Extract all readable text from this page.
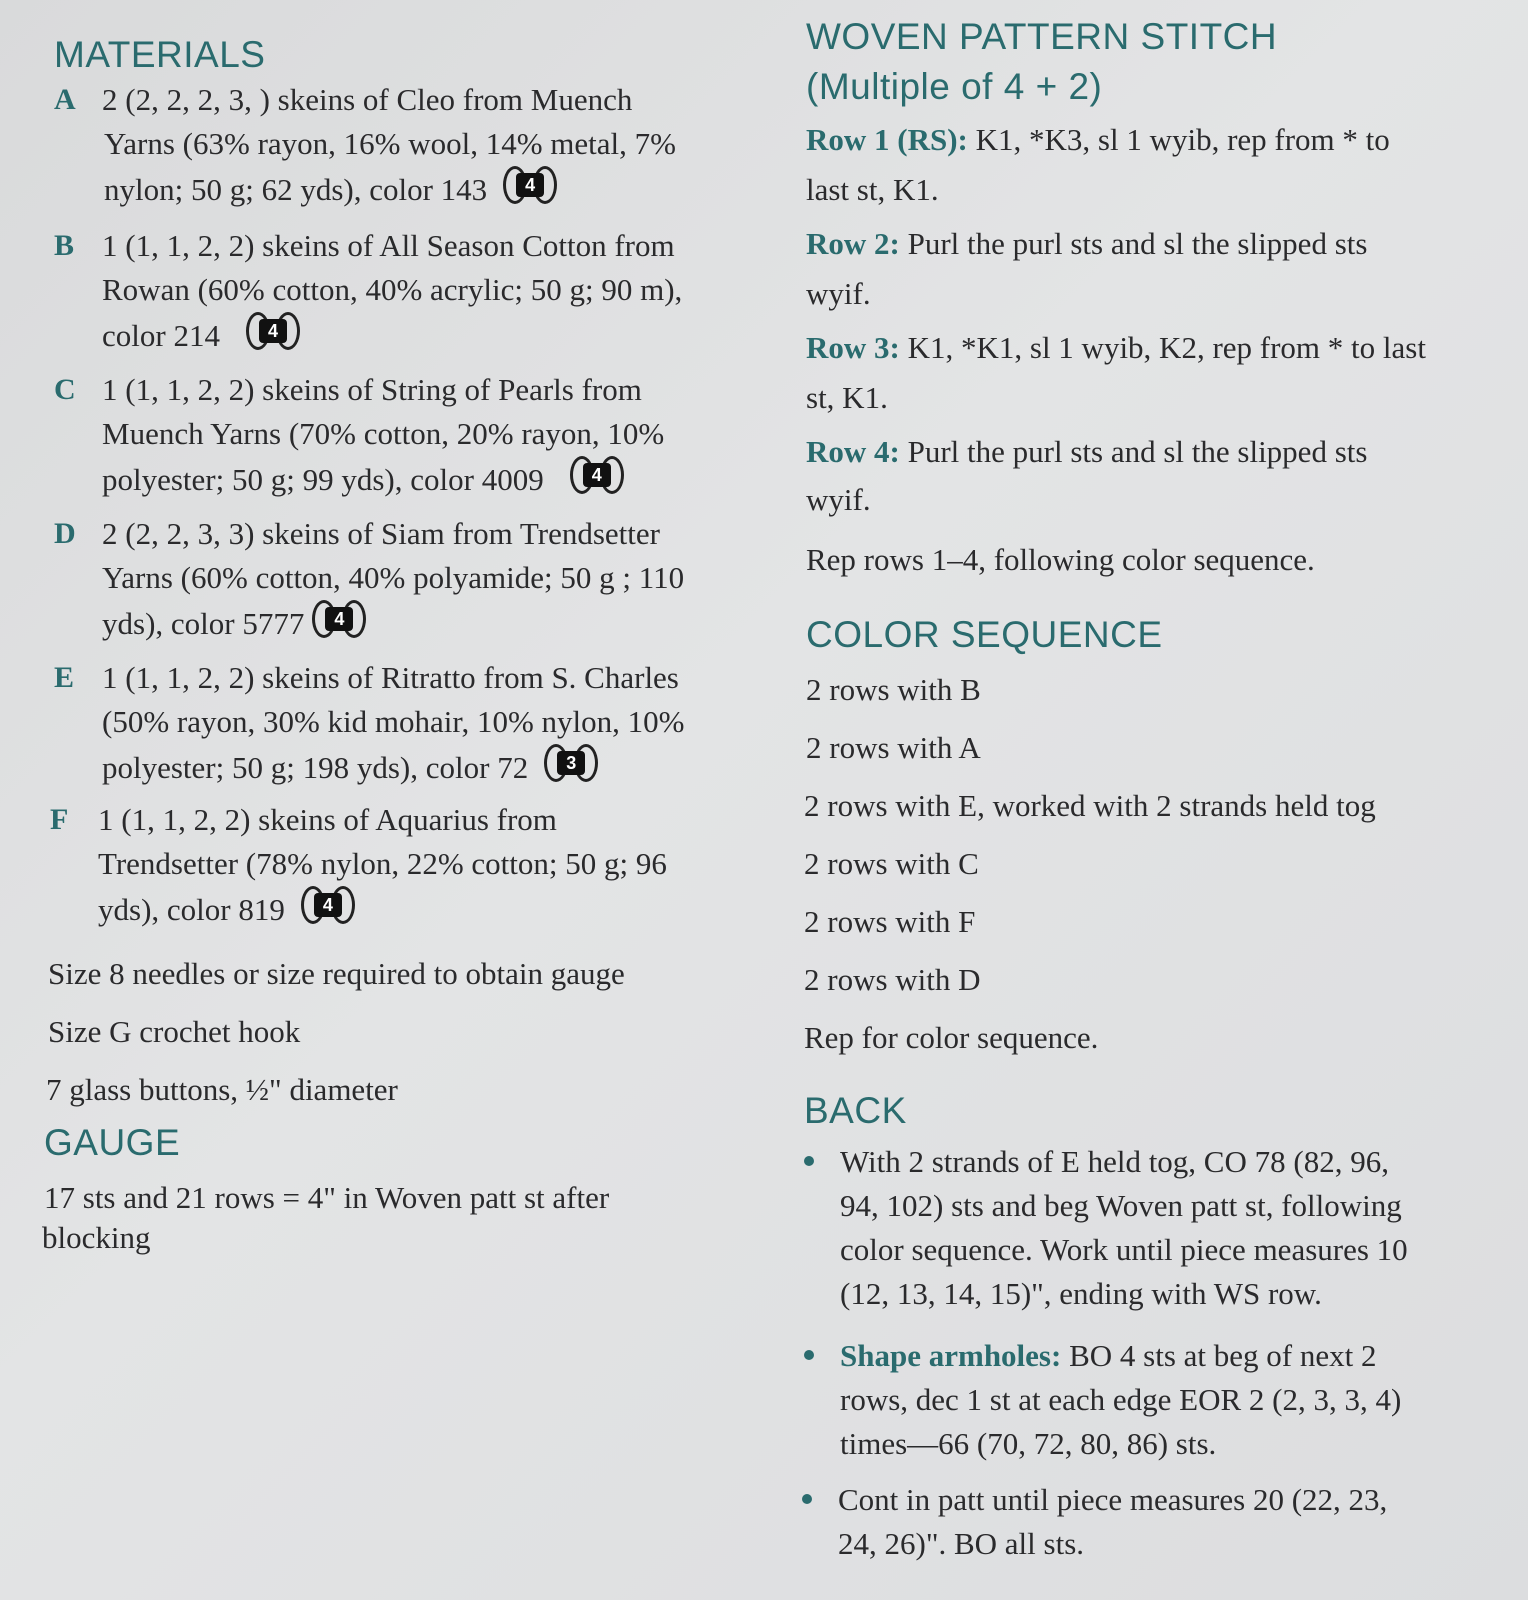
MATERIALS
A 2 (2, 2, 2, 3, ) skeins of Cleo from Muench

Yarns (63% rayon, 16% wool, 14% metal, 7%

nylon; 50 g; 62 yds), color 143	4

B 1 (1, 1, 2, 2) skeins of All Season Cotton from

Rowan (60% cotton, 40% acrylic; 50 g; 90 m),

color 214	4

C 1 (1, 1, 2, 2) skeins of String of Pearls from

Muench Yarns (70% cotton, 20% rayon, 10%

polyester; 50 g; 99 yds), color 4009	4

D 2 (2, 2, 3, 3) skeins of Siam from Trendsetter

Yarns (60% cotton, 40% polyamide; 50 g ; 110

yds), color 5777	4

E 1 (1, 1, 2, 2) skeins of Ritratto from S. Charles

(50% rayon, 30% kid mohair, 10% nylon, 10%

polyester; 50 g; 198 yds), color 72	3

F 1 (1, 1, 2, 2) skeins of Aquarius from

Trendsetter (78% nylon, 22% cotton; 50 g; 96

yds), color 819	4

Size 8 needles or size required to obtain gauge
Size G crochet hook
7 glass buttons, ½" diameter
GAUGE
17 sts and 21 rows = 4" in Woven patt st after
blocking
WOVEN PATTERN STITCH
(Multiple of 4 + 2)
Row 1 (RS): K1, *K3, sl 1 wyib, rep from * to
last st, K1.
Row 2: Purl the purl sts and sl the slipped sts
wyif.
Row 3: K1, *K1, sl 1 wyib, K2, rep from * to last
st, K1.
Row 4: Purl the purl sts and sl the slipped sts
wyif.
Rep rows 1–4, following color sequence.
COLOR SEQUENCE
2 rows with B
2 rows with A
2 rows with E, worked with 2 strands held tog
2 rows with C
2 rows with F
2 rows with D
Rep for color sequence.
BACK

With 2 strands of E held tog, CO 78 (82, 96,

94, 102) sts and beg Woven patt st, following

color sequence. Work until piece measures 10

(12, 13, 14, 15)", ending with WS row.

Shape armholes: BO 4 sts at beg of next 2

rows, dec 1 st at each edge EOR 2 (2, 3, 3, 4)

times—66 (70, 72, 80, 86) sts.

Cont in patt until piece measures 20 (22, 23,

24, 26)". BO all sts.
